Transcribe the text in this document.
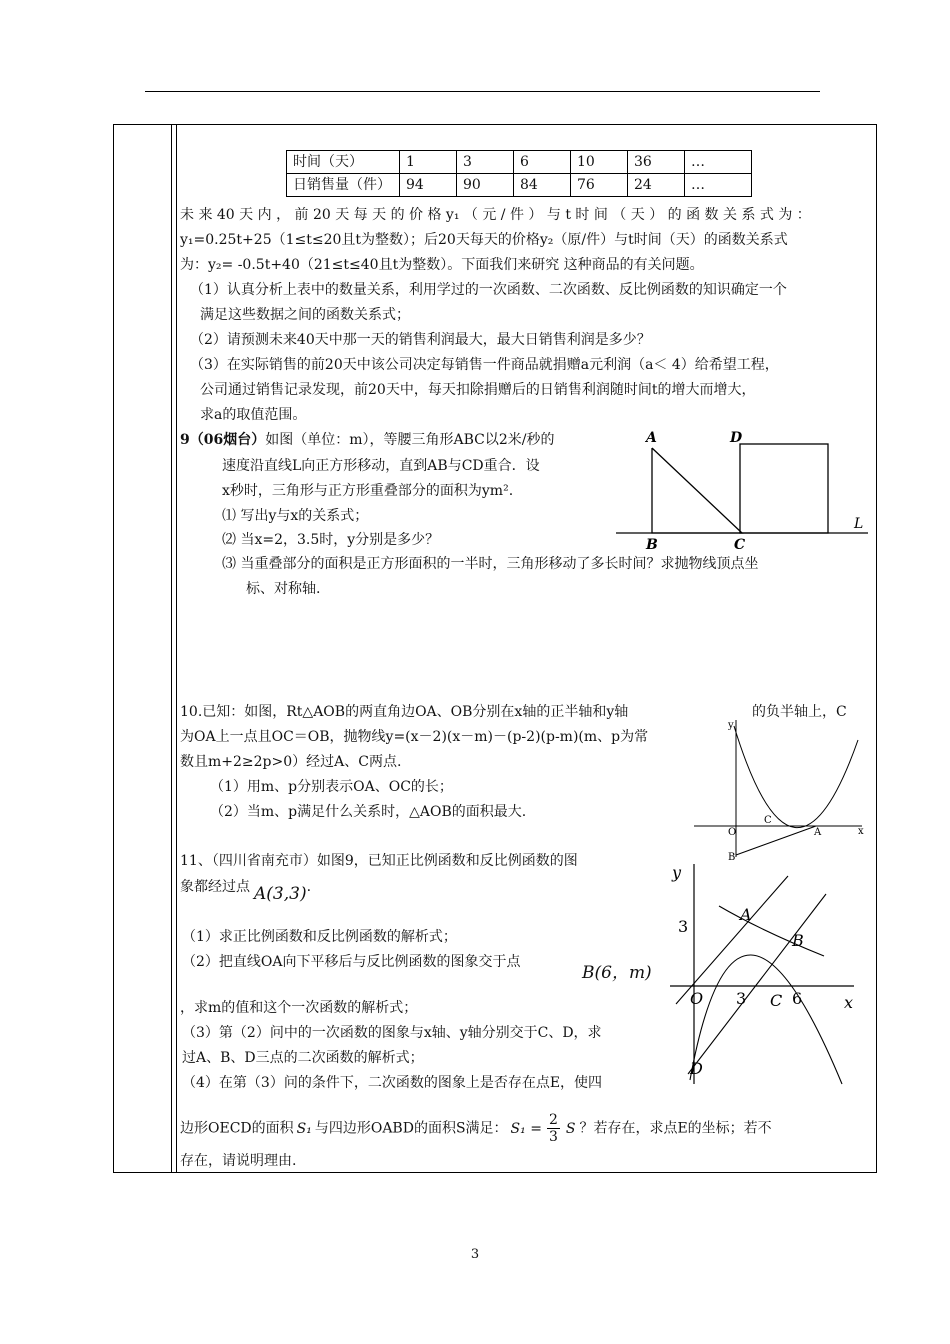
时间（天）	1	3	6	10	36	…
日销售量（件）	94	90	84	76	24	…
未 来 40 天 内 ， 前 20 天 每 天 的 价 格 y₁ （ 元 / 件 ） 与 t 时 间 （ 天 ） 的 函 数 关 系 式 为 ：
y₁=0.25t+25（1≤t≤20且t为整数）；后20天每天的价格y₂（原/件）与t时间（天）的函数关系式
为：y₂= -0.5t+40（21≤t≤40且t为整数）。下面我们来研究 这种商品的有关问题。
（1）认真分析上表中的数量关系，利用学过的一次函数、二次函数、反比例函数的知识确定一个
满足这些数据之间的函数关系式；
（2）请预测未来40天中那一天的销售利润最大，最大日销售利润是多少？
（3）在实际销售的前20天中该公司决定每销售一件商品就捐赠a元利润（a＜ 4）给希望工程，
公司通过销售记录发现，前20天中，每天扣除捐赠后的日销售利润随时间t的增大而增大，
求a的取值范围。
9（06烟台）如图（单位：m），等腰三角形ABC以2米/秒的
速度沿直线L向正方形移动，直到AB与CD重合．设
x秒时，三角形与正方形重叠部分的面积为ym².
⑴ 写出y与x的关系式；
⑵ 当x=2，3.5时，y分别是多少？
⑶ 当重叠部分的面积是正方形面积的一半时，三角形移动了多长时间？求抛物线顶点坐
标、对称轴.
A
B	C
D
L
10.已知：如图，Rt△AOB的两直角边OA、OB分别在x轴的正半轴和y轴	的负半轴上，C
为OA上一点且OC＝OB，抛物线y=(x－2)(x－m)－(p-2)(p-m)(m、p为常
数且m+2≥2p>0）经过A、C两点.
（1）用m、p分别表示OA、OC的长；
（2）当m、p满足什么关系时，△AOB的面积最大.
y
x
O
C
A
B
11、（四川省南充市）如图9，已知正比例函数和反比例函数的图
象都经过点 A(3,3).
（1）求正比例函数和反比例函数的解析式；
（2）把直线OA向下平移后与反比例函数的图象交于点
B(6，m)
，求m的值和这个一次函数的解析式；
（3）第（2）问中的一次函数的图象与x轴、y轴分别交于C、D，求
过A、B、D三点的二次函数的解析式；
（4）在第（3）问的条件下，二次函数的图象上是否存在点E，使四
边形OECD的面积 S₁ 与四边形OABD的面积S满足： $S_1 = \frac{2}{3}$ S ？若存在，求点E的坐标；若不
存在，请说明理由.
y
x
3
A
B
O 3 C 6
D
3
